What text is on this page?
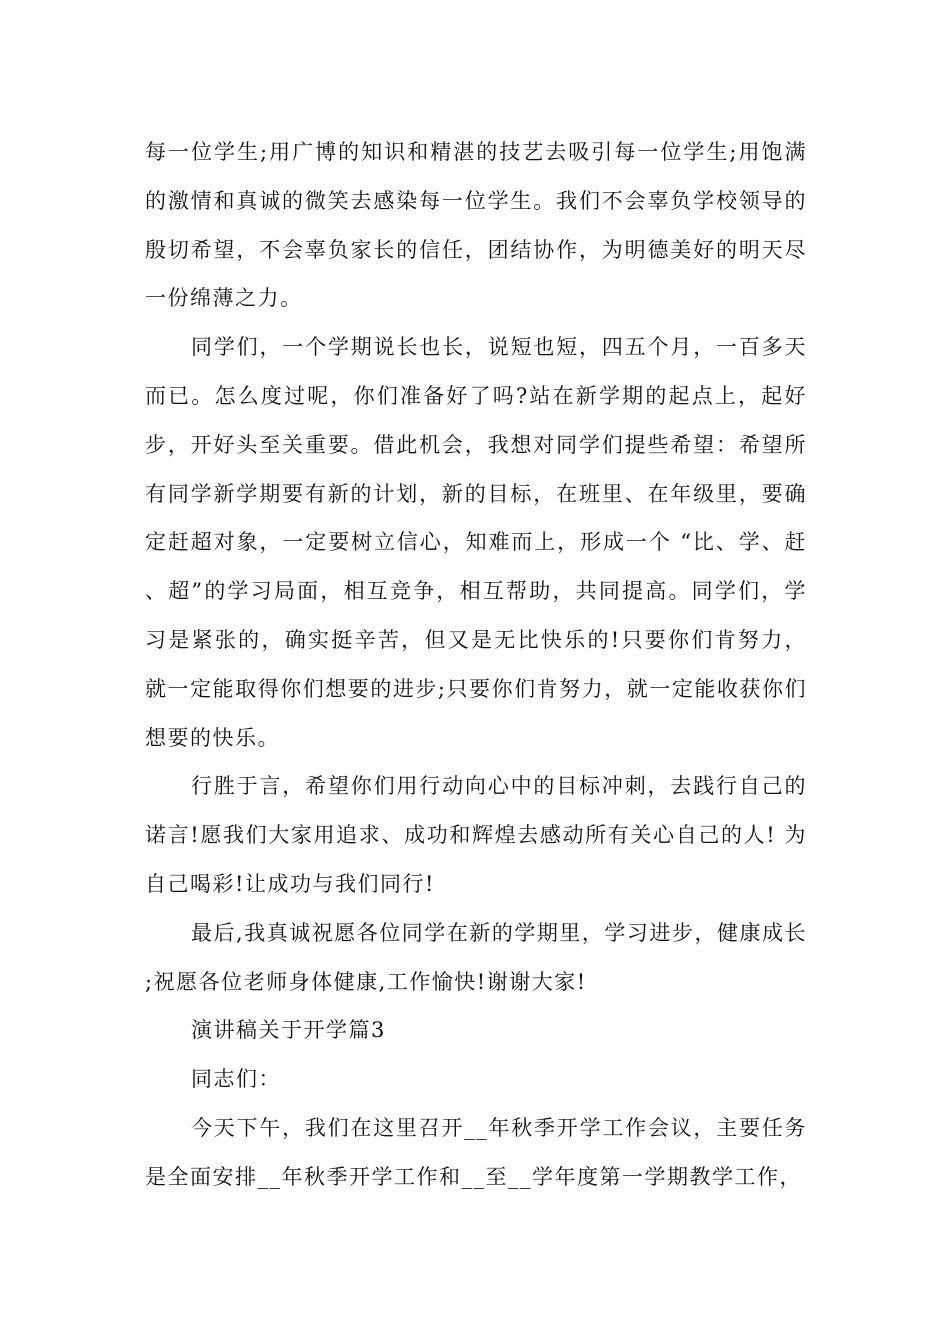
每一位学生;用广博的知识和精湛的技艺去吸引每一位学生;用饱满的激情和真诚的微笑去感染每一位学生。我们不会辜负学校领导的殷切希望，不会辜负家长的信任，团结协作，为明德美好的明天尽一份绵薄之力。

同学们，一个学期说长也长，说短也短，四五个月，一百多天而已。怎么度过呢，你们准备好了吗?站在新学期的起点上，起好步，开好头至关重要。借此机会，我想对同学们提些希望：希望所有同学新学期要有新的计划，新的目标，在班里、在年级里，要确定赶超对象，一定要树立信心，知难而上，形成一个 “比、学、赶、超”的学习局面，相互竞争，相互帮助，共同提高。同学们，学习是紧张的，确实挺辛苦，但又是无比快乐的!只要你们肯努力，就一定能取得你们想要的进步;只要你们肯努力，就一定能收获你们想要的快乐。

行胜于言，希望你们用行动向心中的目标冲刺，去践行自己的诺言!愿我们大家用追求、成功和辉煌去感动所有关心自己的人! 为自己喝彩!让成功与我们同行!

最后,我真诚祝愿各位同学在新的学期里，学习进步，健康成长;祝愿各位老师身体健康,工作愉快!谢谢大家!

演讲稿关于开学篇3

同志们：

今天下午，我们在这里召开__年秋季开学工作会议，主要任务是全面安排__年秋季开学工作和__至__学年度第一学期教学工作，
